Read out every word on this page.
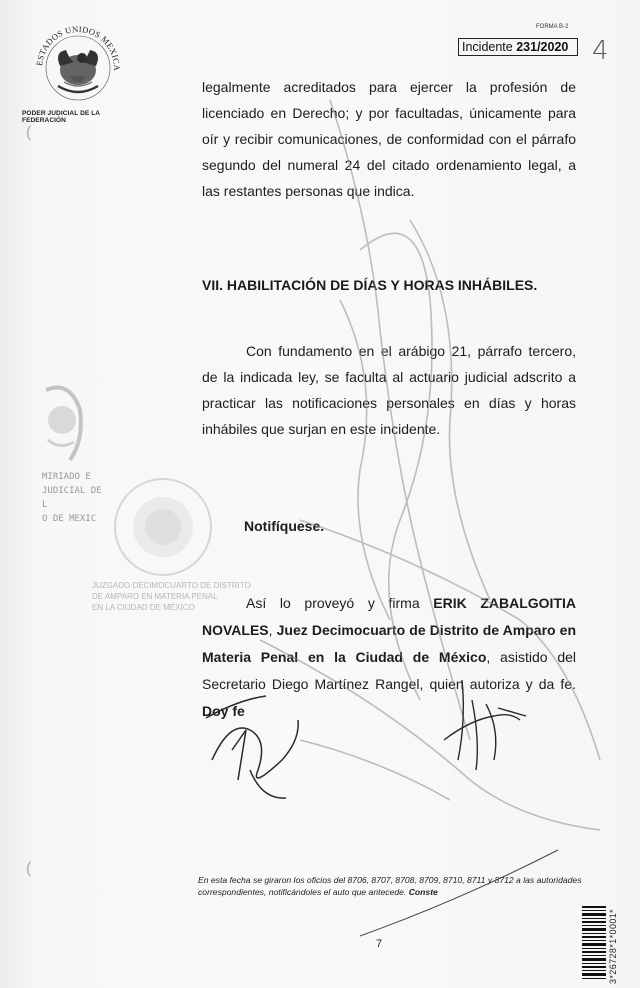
ESTADOS UNIDOS MEXICA
PODER JUDICIAL DE LA FEDERACIÓN
FORMA B-2
Incidente 231/2020 4
MIRIADO E
JUDICIAL DE L
O DE MEXIC
JUZGADO DECIMOCUARTO DE DISTRITO
DE AMPARO EN MATERIA PENAL
EN LA CIUDAD DE MÉXICO
legalmente acreditados para ejercer la profesión de licenciado en Derecho; y por facultadas, únicamente para oír y recibir comunicaciones, de conformidad con el párrafo segundo del numeral 24 del citado ordenamiento legal, a las restantes personas que indica.
VII. HABILITACIÓN DE DÍAS Y HORAS INHÁBILES.
Con fundamento en el arábigo 21, párrafo tercero, de la indicada ley, se faculta al actuario judicial adscrito a practicar las notificaciones personales en días y horas inhábiles que surjan en este incidente.
Notifíquese.
Así lo proveyó y firma ERIK ZABALGOITIA NOVALES, Juez Decimocuarto de Distrito de Amparo en Materia Penal en la Ciudad de México, asistido del Secretario Diego Martínez Rangel, quien autoriza y da fe. Doy fe
En esta fecha se giraron los oficios del 8706, 8707, 8708, 8709, 8710, 8711 y 8712 a las autoridades correspondientes, notificándoles el auto que antecede. Conste
7	3*26728*1*0001*
(
(
